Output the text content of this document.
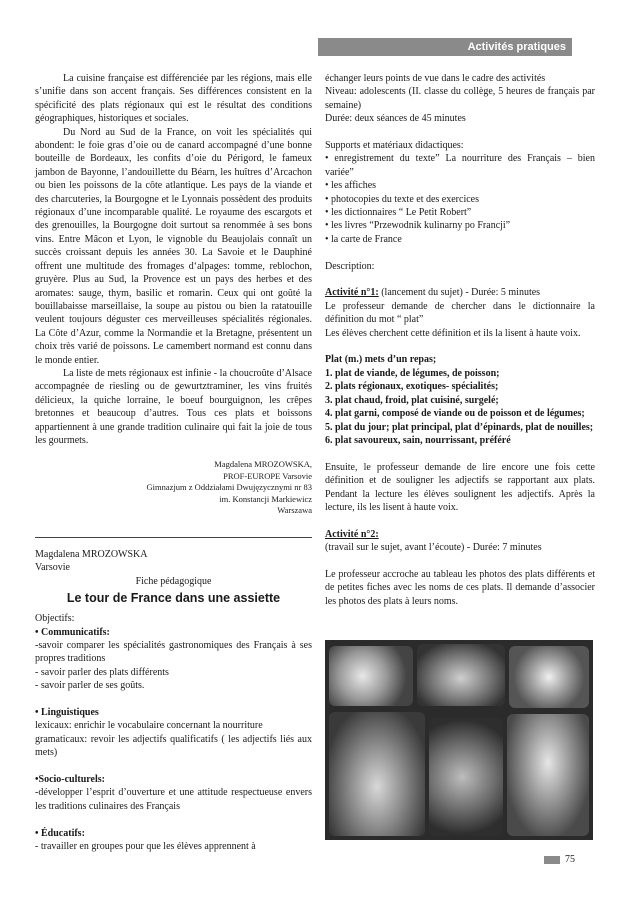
Activités pratiques

La cuisine française est différenciée par les régions, mais elle s’unifie dans son accent français. Ses différences consistent en la spécificité des plats régionaux qui est le résultat des conditions géographiques, historiques et sociales.

Du Nord au Sud de la France, on voit les spécialités qui abondent: le foie gras d’oie ou de canard accompagné d’une bonne bouteille de Bordeaux, les confits d’oie du Périgord, le fameux jambon de Bayonne, l’andouillette du Béarn, les huîtres d’Arcachon ou bien les poissons de la côte atlantique. Les pays de la viande et des charcuteries, la Bourgogne et le Lyonnais possèdent des produits régionaux d’une incomparable qualité. Le royaume des escargots et des grenouilles, la Bourgogne doit surtout sa renommée à ses bons vins. Entre Mâcon et Lyon, le vignoble du Beaujolais connaît un succès croissant depuis les années 30. La Savoie et le Dauphiné offrent une multitude des fromages d‘alpages: tomme, reblochon, gruyère. Plus au Sud, la Provence est un pays des herbes et des aromates: sauge, thym, basilic et romarin. Ceux qui ont goûté la bouillabaisse marseillaise, la soupe au pistou ou bien la ratatouille veulent toujours déguster ces merveilleuses spécialités régionales. La Côte d’Azur, comme la Normandie et la Bretagne, présentent un choix très varié de poissons. Le camembert normand est connu dans le monde entier.

La liste de mets régionaux est infinie - la choucroûte d’Alsace accompagnée de riesling ou de gewurtztraminer, les vins fruités délicieux, la quiche lorraine, le boeuf bourguignon, les crêpes bretonnes et beaucoup d’autres. Tous ces plats et boissons appartiennent à une grande tradition culinaire qui fait la joie de tous les gourmets.

Magdalena MROZOWSKA,
PROF-EUROPE Varsovie
Gimnazjum z Oddziałami Dwujęzycznymi nr 83
im. Konstancji Markiewicz
Warszawa

Magdalena MROZOWSKA

Varsovie

Fiche pédagogique

Le tour de France dans une assiette

Objectifs:

• Communicatifs:

-savoir comparer les spécialités gastronomiques des Français à ses propres traditions

- savoir parler des plats différents

- savoir parler de ses goûts.

• Linguistiques

lexicaux: enrichir le vocabulaire concernant la nourriture

gramaticaux: revoir les adjectifs qualificatifs ( les adjectifs liés aux mets)

•Socio-culturels:

-développer l’esprit d’ouverture et une attitude respectueuse envers les traditions culinaires des Français

• Éducatifs:

- travailler en groupes pour que les élèves apprennent à

échanger leurs points de vue dans le cadre des activités

Niveau: adolescents (II. classe du collège, 5 heures de français par semaine)

Durée: deux séances de 45 minutes

Supports et matériaux didactiques:

• enregistrement du texte” La nourriture des Français – bien variée”

• les affiches

• photocopies du texte et des exercices

• les dictionnaires “ Le Petit Robert”

• les livres “Przewodnik kulinarny po Francji”

• la carte de France

Description:

Activité n°1: (lancement du sujet) - Durée: 5 minutes

Le professeur demande de chercher dans le dictionnaire la définition du mot “ plat”

Les élèves cherchent cette définition et ils la lisent à haute voix.

Plat (m.) mets d’un repas;

1. plat de viande, de légumes, de poisson;
2. plats régionaux, exotiques- spécialités;
3. plat chaud, froid, plat cuisiné, surgelé;
4. plat garni, composé de viande ou de poisson et de légumes;
5. plat du jour; plat principal, plat d’épinards, plat de nouilles;
6. plat savoureux, sain, nourrissant, préféré

Ensuite, le professeur demande de lire encore une fois cette définition et de souligner les adjectifs se rapportant aux plats. Pendant la lecture les élèves soulignent les adjectifs. Après la lecture, ils les lisent à haute voix.

Activité n°2:

(travail sur le sujet, avant l’écoute) - Durée: 7 minutes

Le professeur accroche au tableau les photos des plats différents et de petites fiches avec les noms de ces plats. Il demande d’associer les photos des plats à leurs noms.

75
